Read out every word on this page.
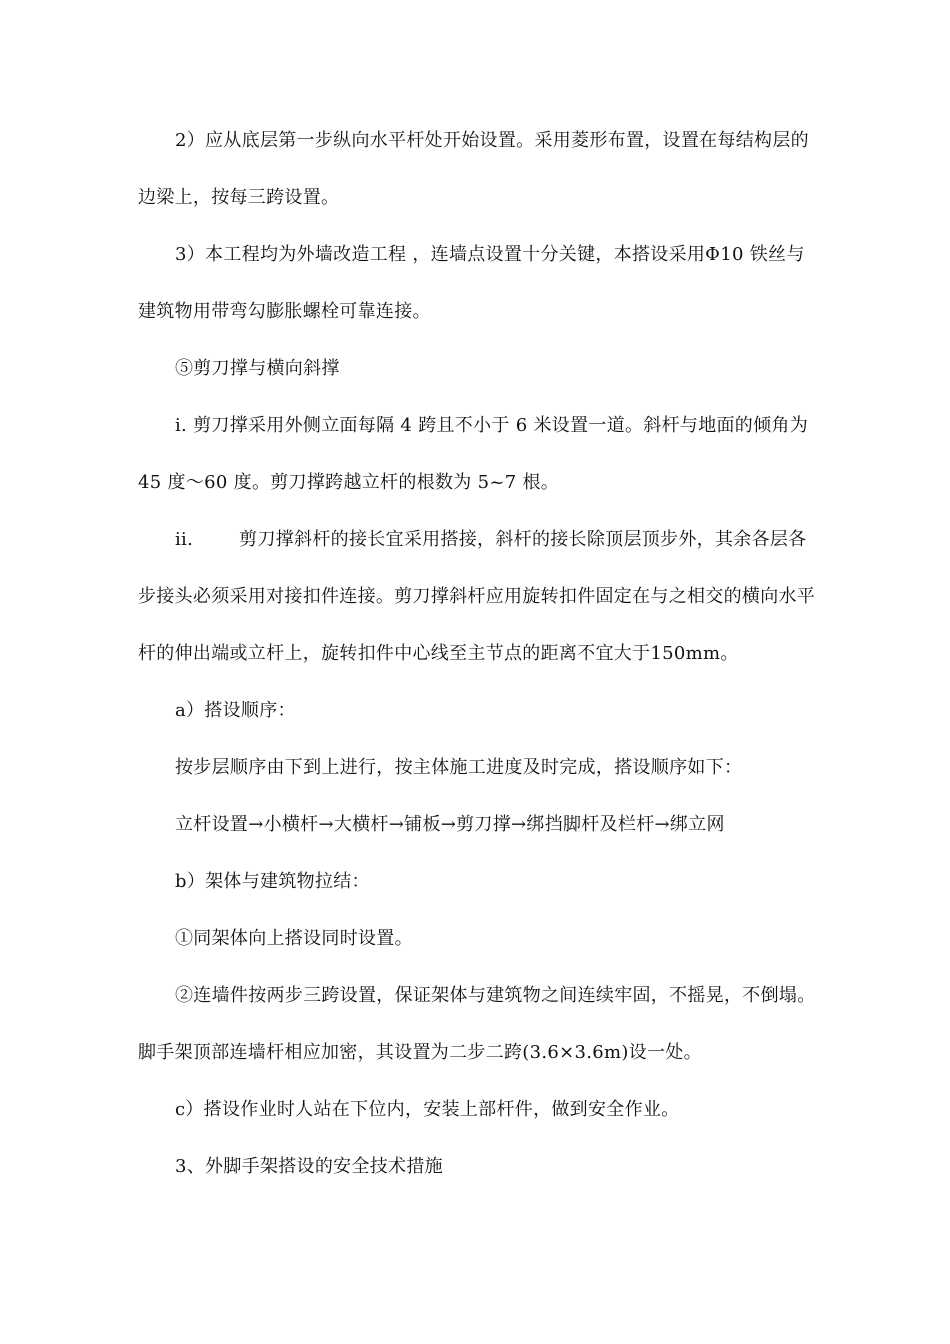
2）应从底层第一步纵向水平杆处开始设置。采用菱形布置，设置在每结构层的
边梁上，按每三跨设置。
3）本工程均为外墙改造工程 ，连墙点设置十分关键，本搭设采用Φ10 铁丝与
建筑物用带弯勾膨胀螺栓可靠连接。
⑤剪刀撑与横向斜撑
i. 剪刀撑采用外侧立面每隔 4 跨且不小于 6 米设置一道。斜杆与地面的倾角为
45 度～60 度。剪刀撑跨越立杆的根数为 5~7 根。
ii.	剪刀撑斜杆的接长宜采用搭接，斜杆的接长除顶层顶步外，其余各层各
步接头必须采用对接扣件连接。剪刀撑斜杆应用旋转扣件固定在与之相交的横向水平
杆的伸出端或立杆上，旋转扣件中心线至主节点的距离不宜大于150mm。
a）搭设顺序：
按步层顺序由下到上进行，按主体施工进度及时完成，搭设顺序如下：
立杆设置→小横杆→大横杆→铺板→剪刀撑→绑挡脚杆及栏杆→绑立网
b）架体与建筑物拉结：
①同架体向上搭设同时设置。
②连墙件按两步三跨设置，保证架体与建筑物之间连续牢固，不摇晃，不倒塌。
脚手架顶部连墙杆相应加密，其设置为二步二跨(3.6×3.6m)设一处。
c）搭设作业时人站在下位内，安装上部杆件，做到安全作业。
3、外脚手架搭设的安全技术措施
